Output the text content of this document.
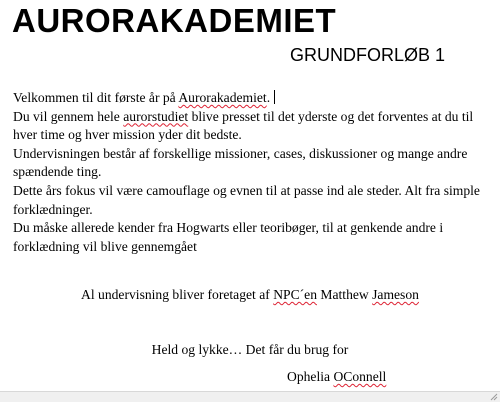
AURORAKADEMIET
GRUNDFORLØB 1

Velkommen til dit første år på Aurorakademiet.

Du vil gennem hele aurorstudiet blive presset til det yderste og det forventes at du til

hver time og hver mission yder dit bedste.

Undervisningen består af forskellige missioner, cases, diskussioner og mange andre

spændende ting.

Dette års fokus vil være camouflage og evnen til at passe ind ale steder. Alt fra simple

forklædninger.

Du måske allerede kender fra Hogwarts eller teoribøger, til at genkende andre i

forklædning vil blive gennemgået

Al undervisning bliver foretaget af NPC´en Matthew Jameson
Held og lykke… Det får du brug for
Ophelia OConnell
